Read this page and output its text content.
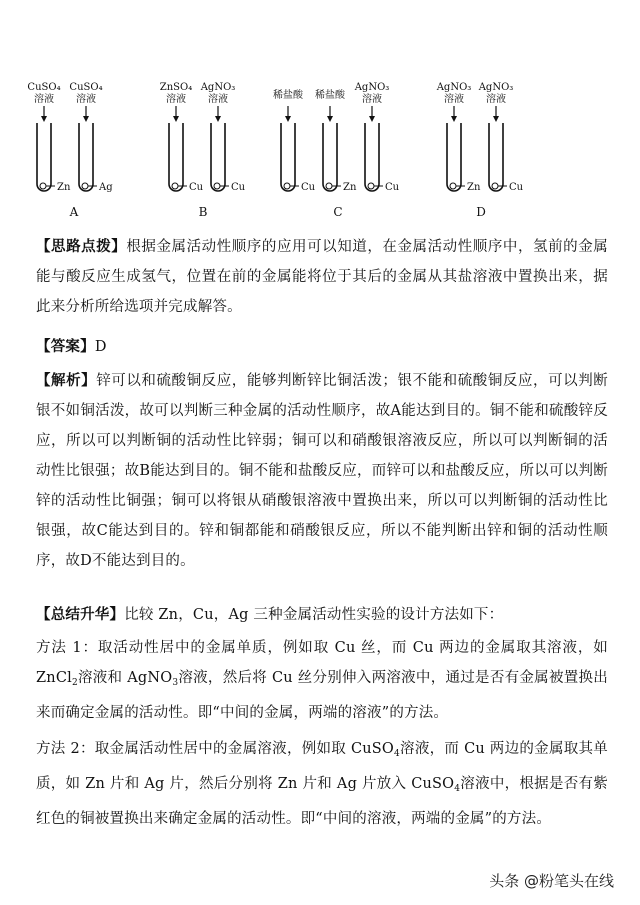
CuSO₄
溶液
Zn
CuSO₄
溶液
Ag
A
ZnSO₄
溶液
Cu
AgNO₃
溶液
Cu
B
稀盐酸
Cu
稀盐酸
Zn
AgNO₃
溶液
Cu
C
AgNO₃
溶液
Zn
AgNO₃
溶液
Cu
D

【思路点拨】根据金属活动性顺序的应用可以知道，在金属活动性顺序中，氢前的金属能与酸反应生成氢气，位置在前的金属能将位于其后的金属从其盐溶液中置换出来，据此来分析所给选项并完成解答。

【答案】D

【解析】锌可以和硫酸铜反应，能够判断锌比铜活泼；银不能和硫酸铜反应，可以判断银不如铜活泼，故可以判断三种金属的活动性顺序，故A能达到目的。铜不能和硫酸锌反应，所以可以判断铜的活动性比锌弱；铜可以和硝酸银溶液反应，所以可以判断铜的活动性比银强；故B能达到目的。铜不能和盐酸反应，而锌可以和盐酸反应，所以可以判断锌的活动性比铜强；铜可以将银从硝酸银溶液中置换出来，所以可以判断铜的活动性比银强，故C能达到目的。锌和铜都能和硝酸银反应，所以不能判断出锌和铜的活动性顺序，故D不能达到目的。

【总结升华】比较 Zn，Cu，Ag 三种金属活动性实验的设计方法如下：

方法 1：取活动性居中的金属单质，例如取 Cu 丝，而 Cu 两边的金属取其溶液，如 ZnCl$_2$溶液和 AgNO$_3$溶液，然后将 Cu 丝分别伸入两溶液中，通过是否有金属被置换出来而确定金属的活动性。即“中间的金属，两端的溶液”的方法。

方法 2：取金属活动性居中的金属溶液，例如取 CuSO$_4$溶液，而 Cu 两边的金属取其单质，如 Zn 片和 Ag 片，然后分别将 Zn 片和 Ag 片放入 CuSO$_4$溶液中，根据是否有紫红色的铜被置换出来确定金属的活动性。即“中间的溶液，两端的金属”的方法。

头条 @粉笔头在线
